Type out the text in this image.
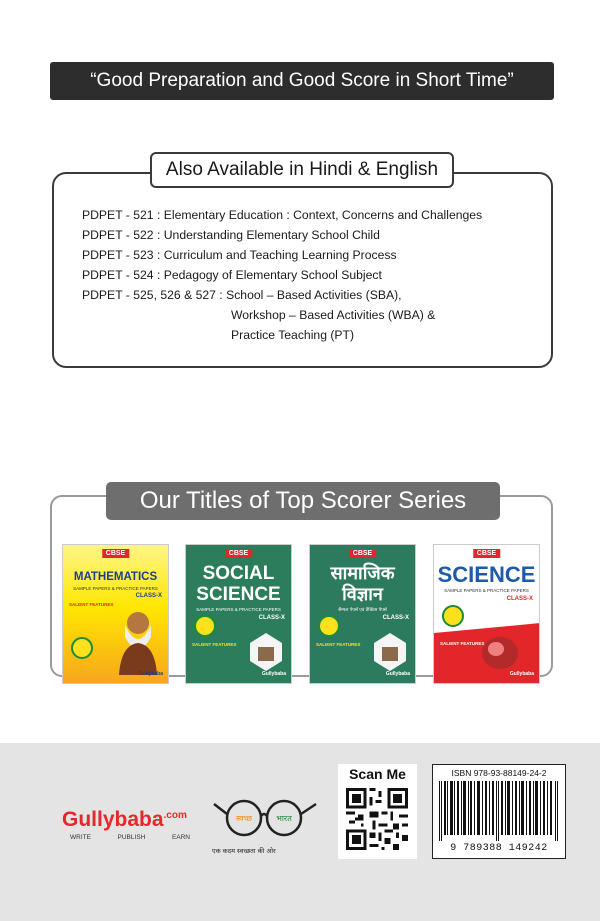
“Good Preparation and Good Score in Short Time”
Also Available in Hindi & English
PDPET - 521 : Elementary Education : Context, Concerns and Challenges
PDPET - 522 : Understanding Elementary School Child
PDPET - 523 : Curriculum and Teaching Learning Process
PDPET - 524 : Pedagogy of Elementary School Subject
PDPET - 525, 526 & 527 : School – Based Activities (SBA),
Workshop – Based Activities (WBA) &
Practice Teaching (PT)
Our Titles of Top Scorer Series
CBSE
MATHEMATICS
SAMPLE PAPERS & PRACTICE PAPERS
CLASS-X
SALIENT FEATURES
Gullybaba
CBSE
SOCIAL
SCIENCE
SAMPLE PAPERS & PRACTICE PAPERS
CLASS-X
SALIENT FEATURES
Gullybaba
CBSE
सामाजिक
विज्ञान
सैम्पल पेपर्स एवं प्रैक्टिस पेपर्स
CLASS-X
SALIENT FEATURES
Gullybaba
CBSE
SCIENCE
SAMPLE PAPERS & PRACTICE PAPERS
CLASS-X
SALIENT FEATURES
Gullybaba
Gullybaba$^{.com}$
WRITE	PUBLISH	EARN
स्वच्छ	भारत
एक कदम स्वच्छता की ओर
Scan Me	ISBN 978-93-88149-24-2
9 789388 149242
